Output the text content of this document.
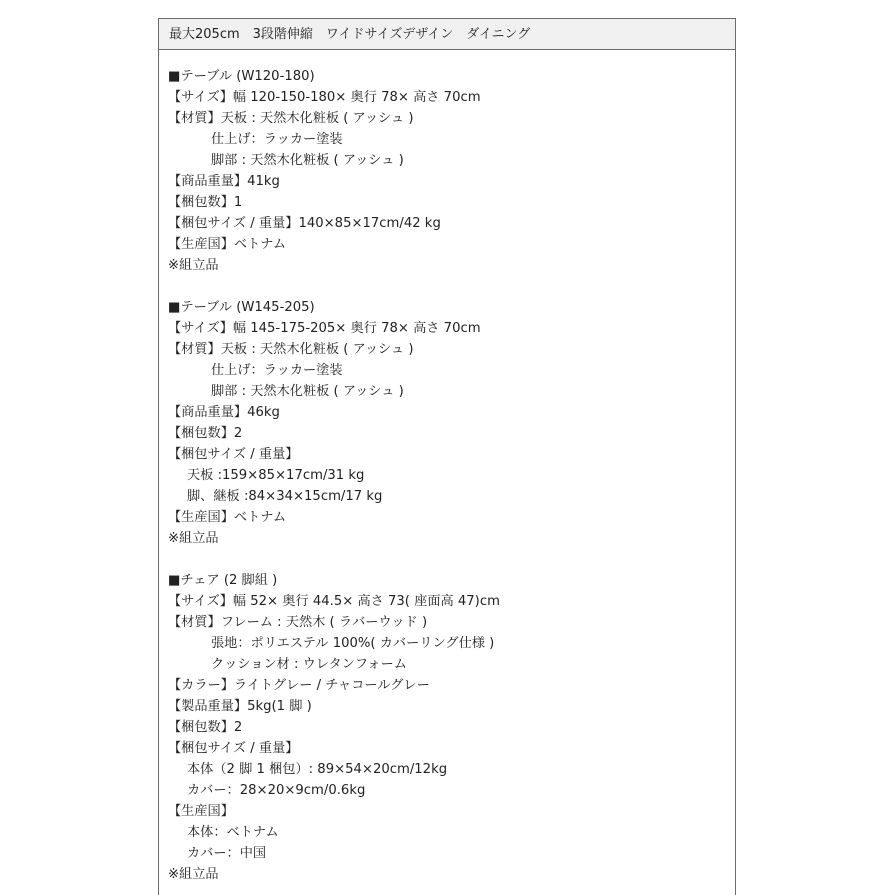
最大205cm　3段階伸縮　ワイドサイズデザイン　ダイニング
■テーブル (W120-180)
【サイズ】幅 120-150-180× 奥行 78× 高さ 70cm
【材質】天板 : 天然木化粧板 ( アッシュ )
仕上げ：ラッカー塗装
脚部 : 天然木化粧板 ( アッシュ )
【商品重量】41kg
【梱包数】1
【梱包サイズ / 重量】140×85×17cm/42 kg
【生産国】ベトナム
※組立品
■テーブル (W145-205)
【サイズ】幅 145-175-205× 奥行 78× 高さ 70cm
【材質】天板 : 天然木化粧板 ( アッシュ )
仕上げ：ラッカー塗装
脚部 : 天然木化粧板 ( アッシュ )
【商品重量】46kg
【梱包数】2
【梱包サイズ / 重量】
天板 :159×85×17cm/31 kg
脚、継板 :84×34×15cm/17 kg
【生産国】ベトナム
※組立品
■チェア (2 脚組 )
【サイズ】幅 52× 奥行 44.5× 高さ 73( 座面高 47)cm
【材質】フレーム : 天然木 ( ラバーウッド )
張地：ポリエステル 100%( カバーリング仕様 )
クッション材 : ウレタンフォーム
【カラー】ライトグレー / チャコールグレー
【製品重量】5kg(1 脚 )
【梱包数】2
【梱包サイズ / 重量】
本体（2 脚 1 梱包）: 89×54×20cm/12kg
カバー：28×20×9cm/0.6kg
【生産国】
本体：ベトナム
カバー：中国
※組立品
